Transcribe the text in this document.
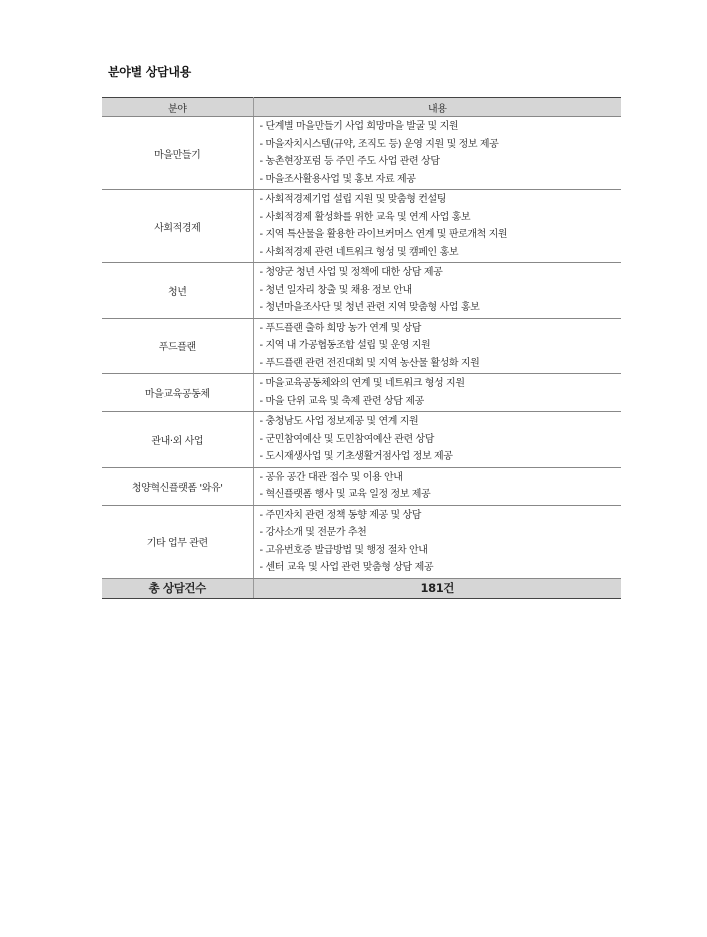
분야별 상담내용
분야	내용
마을만들기	- 단계별 마을만들기 사업 희망마을 발굴 및 지원
- 마을자치시스템(규약, 조직도 등) 운영 지원 및 정보 제공
- 농촌현장포럼 등 주민 주도 사업 관련 상담
- 마을조사활용사업 및 홍보 자료 제공

사회적경제	- 사회적경제기업 설립 지원 및 맞춤형 컨설팅
- 사회적경제 활성화를 위한 교육 및 연계 사업 홍보
- 지역 특산물을 활용한 라이브커머스 연계 및 판로개척 지원
- 사회적경제 관련 네트워크 형성 및 캠페인 홍보

청년	- 청양군 청년 사업 및 정책에 대한 상담 제공
- 청년 일자리 창출 및 채용 정보 안내
- 청년마을조사단 및 청년 관련 지역 맞춤형 사업 홍보

푸드플랜	- 푸드플랜 출하 희망 농가 연계 및 상담
- 지역 내 가공협동조합 설립 및 운영 지원
- 푸드플랜 관련 전진대회 및 지역 농산물 활성화 지원

마을교육공동체	- 마을교육공동체와의 연계 및 네트워크 형성 지원
- 마을 단위 교육 및 축제 관련 상담 제공

관내·외 사업	- 충청남도 사업 정보제공 및 연계 지원
- 군민참여예산 및 도민참여예산 관련 상담
- 도시재생사업 및 기초생활거점사업 정보 제공

청양혁신플랫폼 '와유'	- 공유 공간 대관 접수 및 이용 안내
- 혁신플랫폼 행사 및 교육 일정 정보 제공

기타 업무 관련	- 주민자치 관련 정책 동향 제공 및 상담
- 강사소개 및 전문가 추천
- 고유번호증 발급방법 및 행정 절차 안내
- 센터 교육 및 사업 관련 맞춤형 상담 제공

총 상담건수	181건
